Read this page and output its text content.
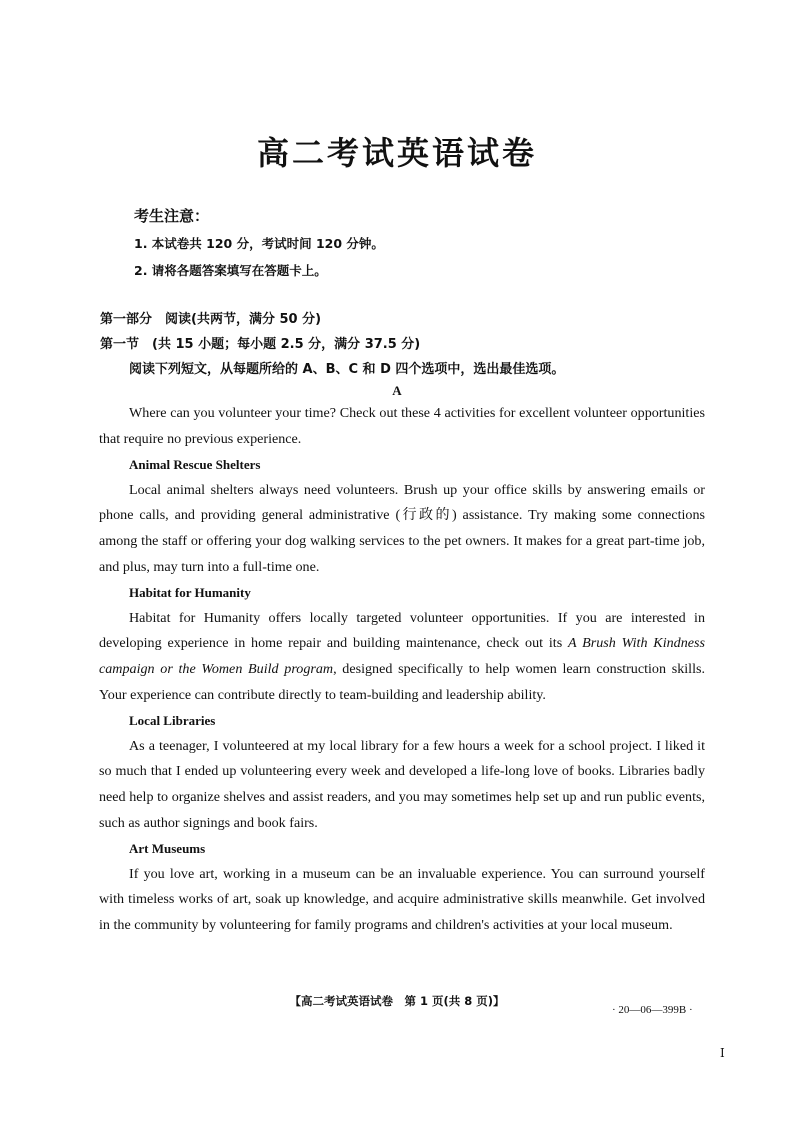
高二考试英语试卷
考生注意：
1. 本试卷共 120 分，考试时间 120 分钟。
2. 请将各题答案填写在答题卡上。
第一部分　阅读(共两节，满分 50 分)
第一节　(共 15 小题；每小题 2.5 分，满分 37.5 分)
阅读下列短文，从每题所给的 A、B、C 和 D 四个选项中，选出最佳选项。
A

Where can you volunteer your time? Check out these 4 activities for excellent volunteer opportunities that require no previous experience.

Animal Rescue Shelters

Local animal shelters always need volunteers. Brush up your office skills by answering emails or phone calls, and providing general administrative (行政的) assistance. Try making some connections among the staff or offering your dog walking services to the pet owners. It makes for a great part-time job, and plus, may turn into a full-time one.

Habitat for Humanity

Habitat for Humanity offers locally targeted volunteer opportunities. If you are interested in developing experience in home repair and building maintenance, check out its A Brush With Kindness campaign or the Women Build program, designed specifically to help women learn construction skills. Your experience can contribute directly to team-building and leadership ability.

Local Libraries

As a teenager, I volunteered at my local library for a few hours a week for a school project. I liked it so much that I ended up volunteering every week and developed a life-long love of books. Libraries badly need help to organize shelves and assist readers, and you may sometimes help set up and run public events, such as author signings and book fairs.

Art Museums

If you love art, working in a museum can be an invaluable experience. You can surround yourself with timeless works of art, soak up knowledge, and acquire administrative skills meanwhile. Get involved in the community by volunteering for family programs and children's activities at your local museum.

【高二考试英语试卷　第 1 页(共 8 页)】
· 20—06—399B ·
I
